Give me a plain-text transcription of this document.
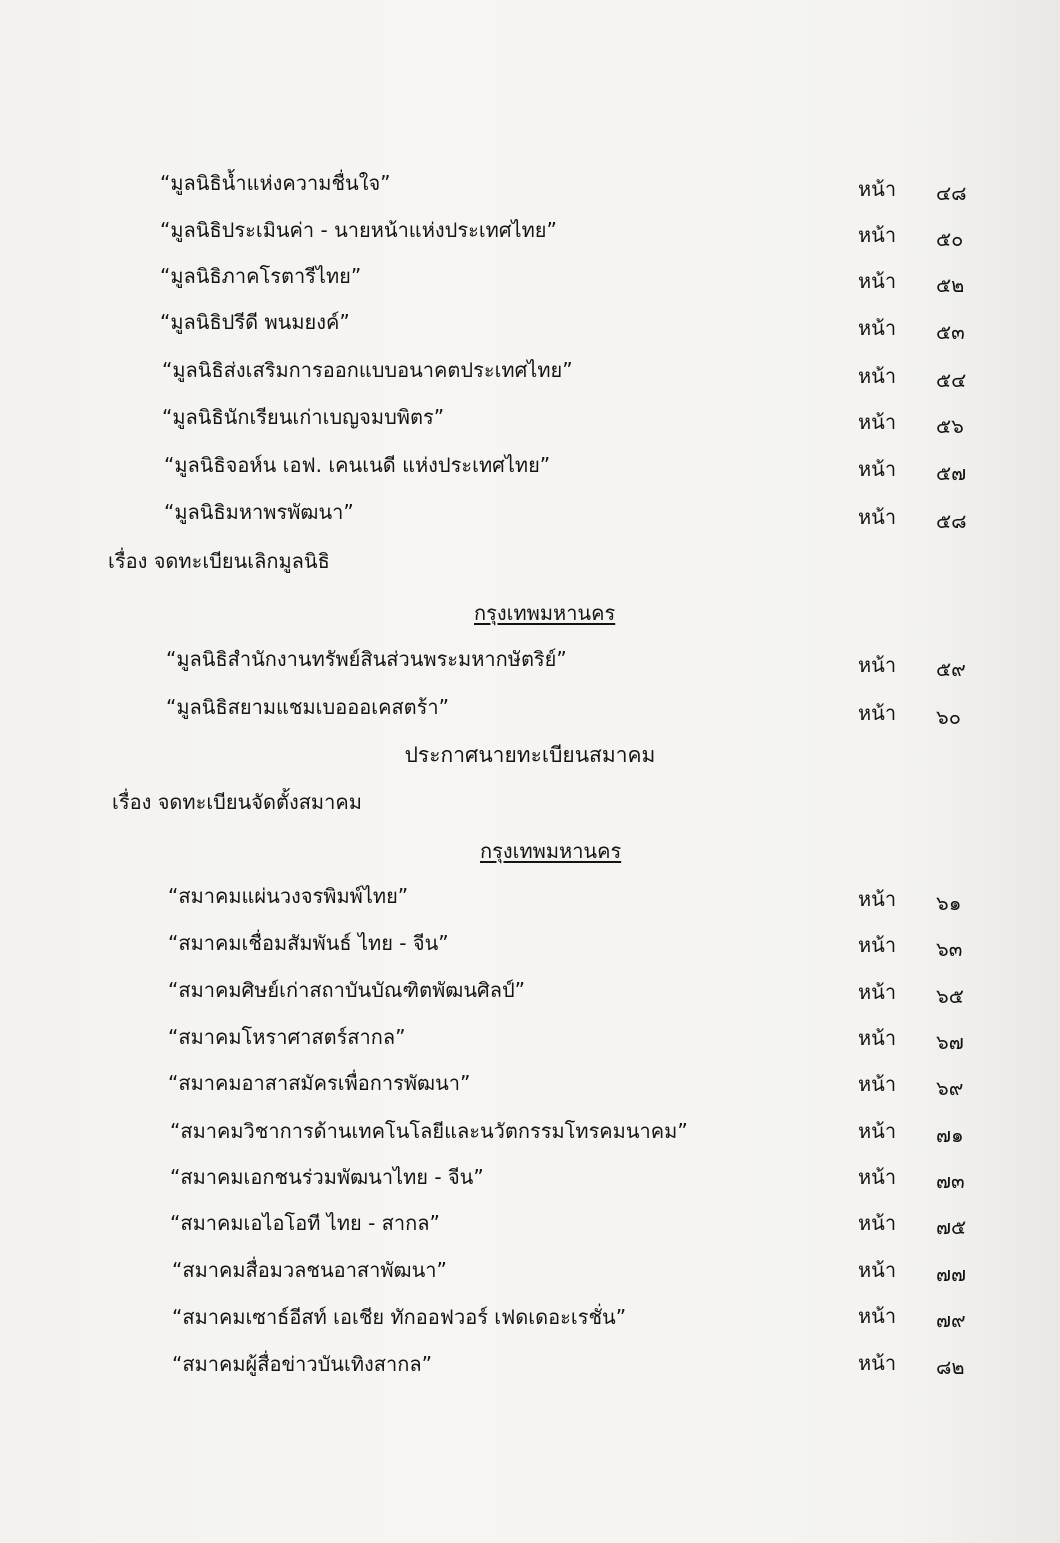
“มูลนิธิน้ำแห่งความชื่นใจ”	หน้า ๔๘
“มูลนิธิประเมินค่า - นายหน้าแห่งประเทศไทย”	หน้า ๕๐
“มูลนิธิภาคโรตารีไทย”	หน้า ๕๒
“มูลนิธิปรีดี พนมยงค์”	หน้า ๕๓
“มูลนิธิส่งเสริมการออกแบบอนาคตประเทศไทย”	หน้า ๕๔
“มูลนิธินักเรียนเก่าเบญจมบพิตร”	หน้า ๕๖
“มูลนิธิจอห์น เอฟ. เคนเนดี แห่งประเทศไทย”	หน้า ๕๗
“มูลนิธิมหาพรพัฒนา”	หน้า ๕๘
เรื่อง จดทะเบียนเลิกมูลนิธิ
กรุงเทพมหานคร
“มูลนิธิสำนักงานทรัพย์สินส่วนพระมหากษัตริย์”	หน้า ๕๙
“มูลนิธิสยามแชมเบอออเคสตร้า”	หน้า ๖๐
ประกาศนายทะเบียนสมาคม
เรื่อง จดทะเบียนจัดตั้งสมาคม
กรุงเทพมหานคร
“สมาคมแผ่นวงจรพิมพ์ไทย”	หน้า ๖๑
“สมาคมเชื่อมสัมพันธ์ ไทย - จีน”	หน้า ๖๓
“สมาคมศิษย์เก่าสถาบันบัณฑิตพัฒนศิลป์”	หน้า ๖๕
“สมาคมโหราศาสตร์สากล”	หน้า ๖๗
“สมาคมอาสาสมัครเพื่อการพัฒนา”	หน้า ๖๙
“สมาคมวิชาการด้านเทคโนโลยีและนวัตกรรมโทรคมนาคม”	หน้า ๗๑
“สมาคมเอกชนร่วมพัฒนาไทย - จีน”	หน้า ๗๓
“สมาคมเอไอโอที ไทย - สากล”	หน้า ๗๕
“สมาคมสื่อมวลชนอาสาพัฒนา”	หน้า ๗๗
“สมาคมเซาธ์อีสท์ เอเชีย ทักออฟวอร์ เฟดเดอะเรชั่น”	หน้า ๗๙
“สมาคมผู้สื่อข่าวบันเทิงสากล”	หน้า ๘๒
